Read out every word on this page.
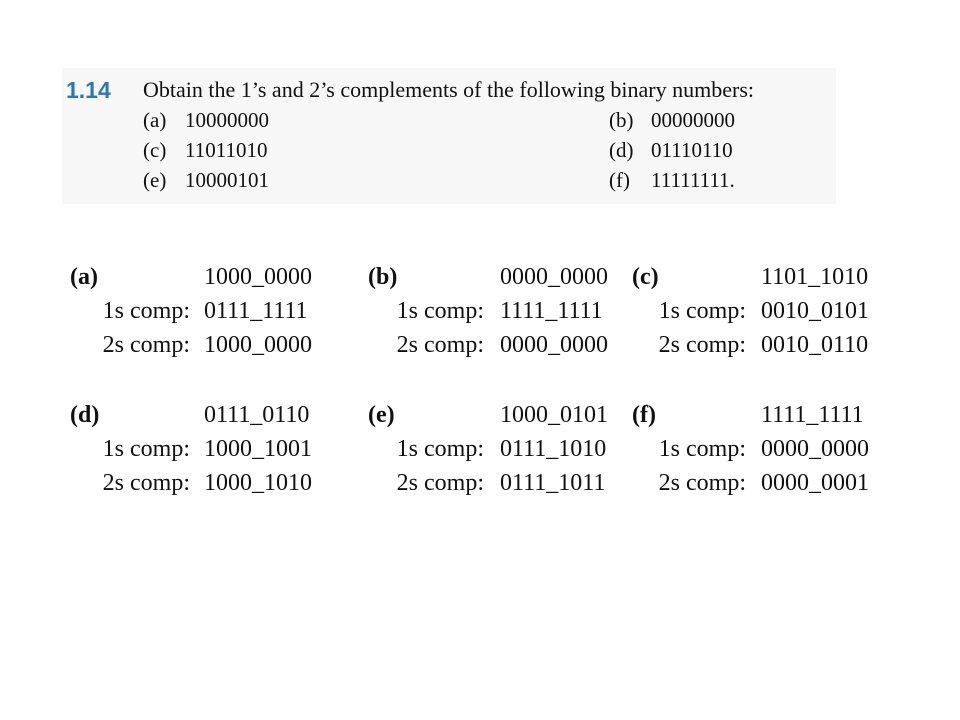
1.14 Obtain the 1’s and 2’s complements of the following binary numbers:
(a) 10000000	(b) 00000000
(c) 11011010	(d) 01110110
(e) 10000101	(f) 11111111.
(a)	1000_0000
1s comp: 0111_1111
2s comp: 1000_0000
(b)	0000_0000
1s comp: 1111_1111
2s comp: 0000_0000
(c)	1101_1010
1s comp: 0010_0101
2s comp: 0010_0110
(d)	0111_0110
1s comp: 1000_1001
2s comp: 1000_1010
(e)	1000_0101
1s comp: 0111_1010
2s comp: 0111_1011
(f)	1111_1111
1s comp: 0000_0000
2s comp: 0000_0001
